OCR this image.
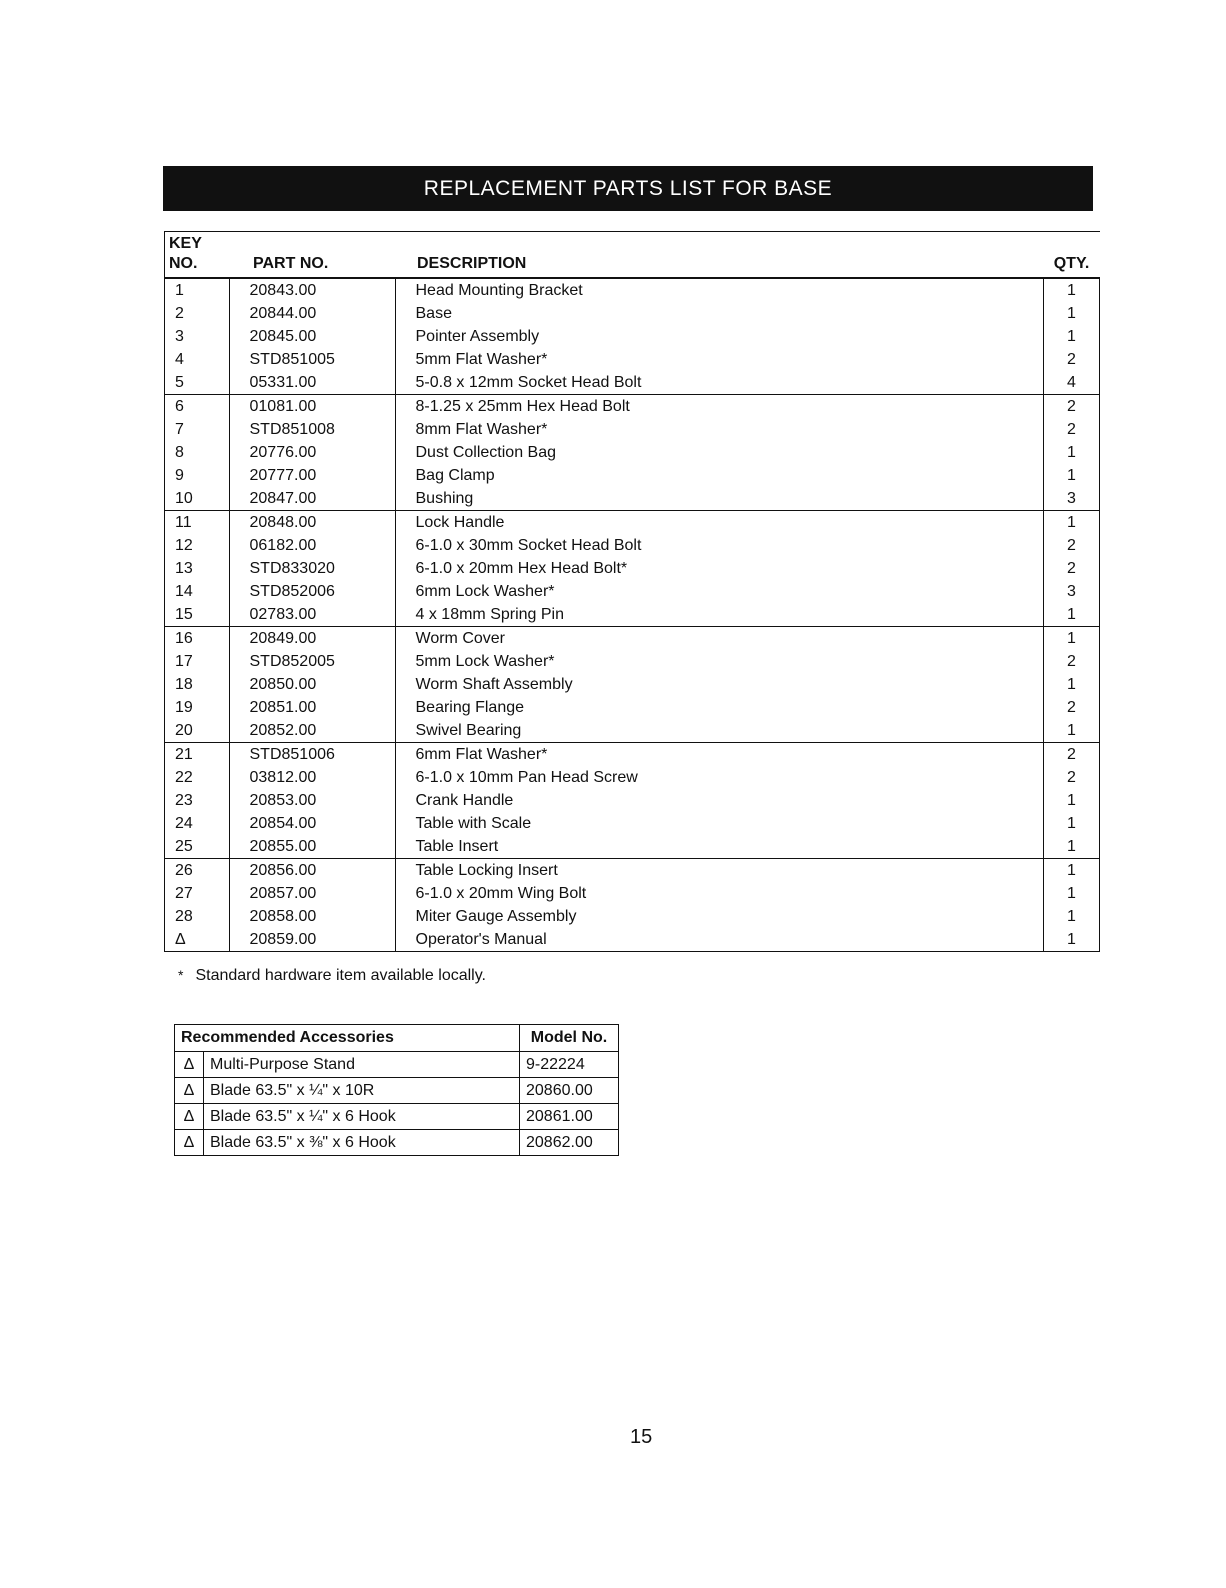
REPLACEMENT PARTS LIST FOR BASE
KEY
NO.	PART NO.	DESCRIPTION	QTY.
1	20843.00	Head Mounting Bracket	1
2	20844.00	Base	1
3	20845.00	Pointer Assembly	1
4	STD851005	5mm Flat Washer*	2
5	05331.00	5-0.8 x 12mm Socket Head Bolt	4
6	01081.00	8-1.25 x 25mm Hex Head Bolt	2
7	STD851008	8mm Flat Washer*	2
8	20776.00	Dust Collection Bag	1
9	20777.00	Bag Clamp	1
10	20847.00	Bushing	3
11	20848.00	Lock Handle	1
12	06182.00	6-1.0 x 30mm Socket Head Bolt	2
13	STD833020	6-1.0 x 20mm Hex Head Bolt*	2
14	STD852006	6mm Lock Washer*	3
15	02783.00	4 x 18mm Spring Pin	1
16	20849.00	Worm Cover	1
17	STD852005	5mm Lock Washer*	2
18	20850.00	Worm Shaft Assembly	1
19	20851.00	Bearing Flange	2
20	20852.00	Swivel Bearing	1
21	STD851006	6mm Flat Washer*	2
22	03812.00	6-1.0 x 10mm Pan Head Screw	2
23	20853.00	Crank Handle	1
24	20854.00	Table with Scale	1
25	20855.00	Table Insert	1
26	20856.00	Table Locking Insert	1
27	20857.00	6-1.0 x 20mm Wing Bolt	1
28	20858.00	Miter Gauge Assembly	1
Δ	20859.00	Operator's Manual	1
* Standard hardware item available locally.
Recommended Accessories		Model No.
Δ	Multi-Purpose Stand	9-22224
Δ	Blade 63.5" x ¼" x 10R	20860.00
Δ	Blade 63.5" x ¼" x 6 Hook	20861.00
Δ	Blade 63.5" x ⅜" x 6 Hook	20862.00
15
